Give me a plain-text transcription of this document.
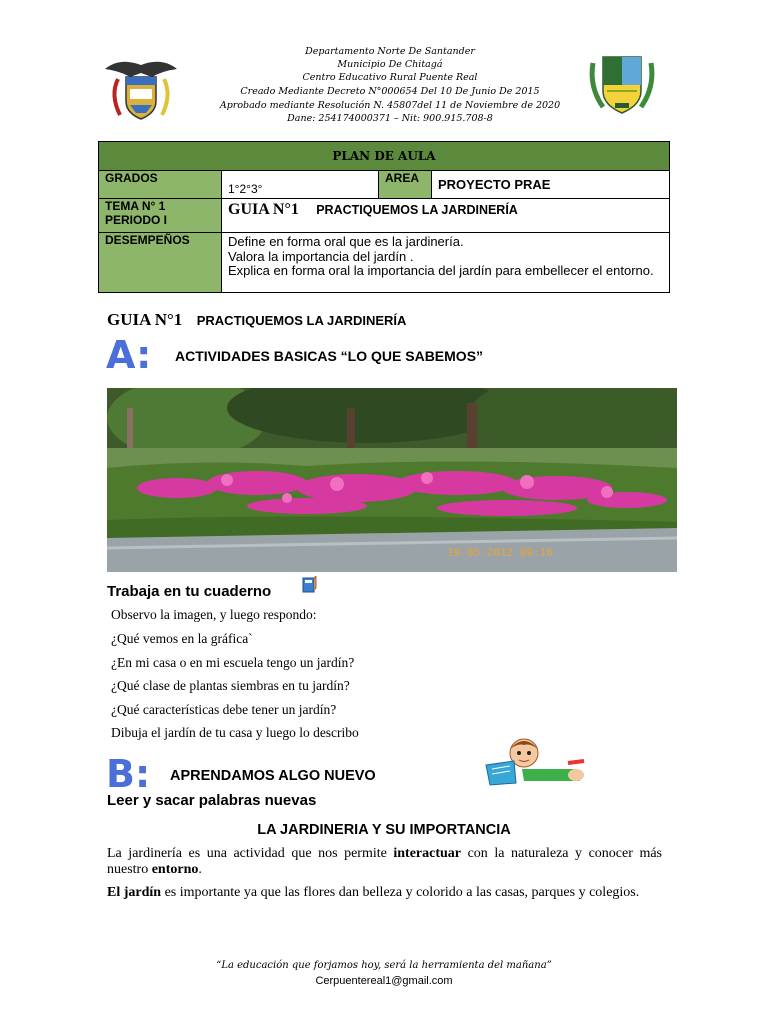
Departamento Norte De Santander
Municipio De Chitagá
Centro Educativo Rural Puente Real
Creado Mediante Decreto N°000654 Del 10 De Junio De 2015
Aprobado mediante Resolución N. 45807del 11 de Noviembre de 2020
Dane: 254174000371 – Nit: 900.915.708-8
PLAN DE AULA			
GRADOS	1°2°3°	AREA	PROYECTO PRAE

TEMA N° 1
PERIODO I	GUIA N°1 PRACTIQUEMOS LA JARDINERÍA		
DESEMPEÑOS	Define en forma oral que es la jardinería.
Valora la importancia del jardín .
Explica en forma oral la importancia del jardín para embellecer el entorno.		
GUIA N°1 PRACTIQUEMOS LA JARDINERÍA
A: ACTIVIDADES BASICAS “LO QUE SABEMOS”
19-05-2012 09:16
Trabaja en tu cuaderno
Observo la imagen, y luego respondo:
¿Qué vemos en la gráfica`
¿En mi casa o en mi escuela tengo un jardín?
¿Qué clase de plantas siembras en tu jardín?
¿Qué características debe tener un jardín?
Dibuja el jardín de tu casa y luego lo describo
B: APRENDAMOS ALGO NUEVO
Leer y sacar palabras nuevas
LA JARDINERIA Y SU IMPORTANCIA
La jardinería es una actividad que nos permite interactuar con la naturaleza y conocer más nuestro entorno.
El jardín es importante ya que las flores dan belleza y colorido a las casas, parques y colegios.
“La educación que forjamos hoy, será la herramienta del mañana”
Cerpuentereal1@gmail.com
